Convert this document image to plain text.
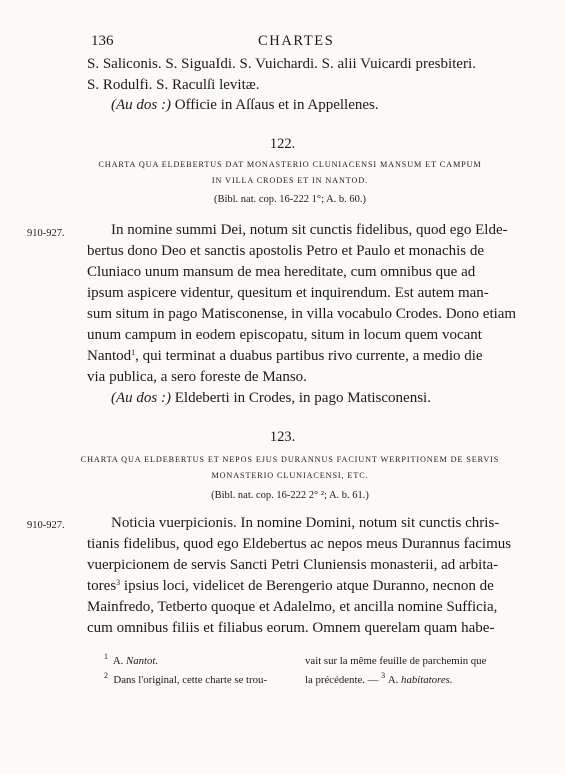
136	CHARTES
S. Saliconis. S. SiguaIdi. S. Vuichardi. S. alii Vuicardi presbiteri.
S. Rodulfi. S. Raculſi levitæ.
(Au dos :) Officie in Aſſaus et in Appellenes.
122.
CHARTA QUA ELDEBERTUS DAT MONASTERIO CLUNIACENSI MANSUM ET CAMPUM
IN VILLA CRODES ET IN NANTOD.
(Bibl. nat. cop. 16-222 1°; A. b. 60.)
910-927.	In nomine summi Dei, notum sit cunctis fidelibus, quod ego Elde-
bertus dono Deo et sanctis apostolis Petro et Paulo et monachis de
Cluniaco unum mansum de mea hereditate, cum omnibus que ad
ipsum aspicere videntur, quesitum et inquirendum. Est autem man-
sum situm in pago Matisconense, in villa vocabulo Crodes. Dono etiam
unum campum in eodem episcopatu, situm in locum quem vocant
Nantod$^1$, qui terminat a duabus partibus rivo currente, a medio die
via publica, a sero foreste de Manso.
(Au dos :) Eldeberti in Crodes, in pago Matisconensi.
123.
CHARTA QUA ELDEBERTUS ET NEPOS EJUS DURANNUS FACIUNT WERPITIONEM DE SERVIS
MONASTERIO CLUNIACENSI, ETC.
(Bibl. nat. cop. 16-222 2° ²; A. b. 61.)
910-927.	Noticia vuerpicionis. In nomine Domini, notum sit cunctis chris-
tianis fidelibus, quod ego Eldebertus ac nepos meus Durannus facimus
vuerpicionem de servis Sancti Petri Cluniensis monasterii, ad arbita-
tores$^3$ ipsius loci, videlicet de Berengerio atque Duranno, necnon de
Mainfredo, Tetberto quoque et Adalelmo, et ancilla nomine Sufficia,
cum omnibus filiis et filiabus eorum. Omnem querelam quam habe-
$^1$ A. Nantot.
$^2$ Dans l'original, cette charte se trou-
vait sur la même feuille de parchemin que
la précédente. — $^3$ A. habitatores.
